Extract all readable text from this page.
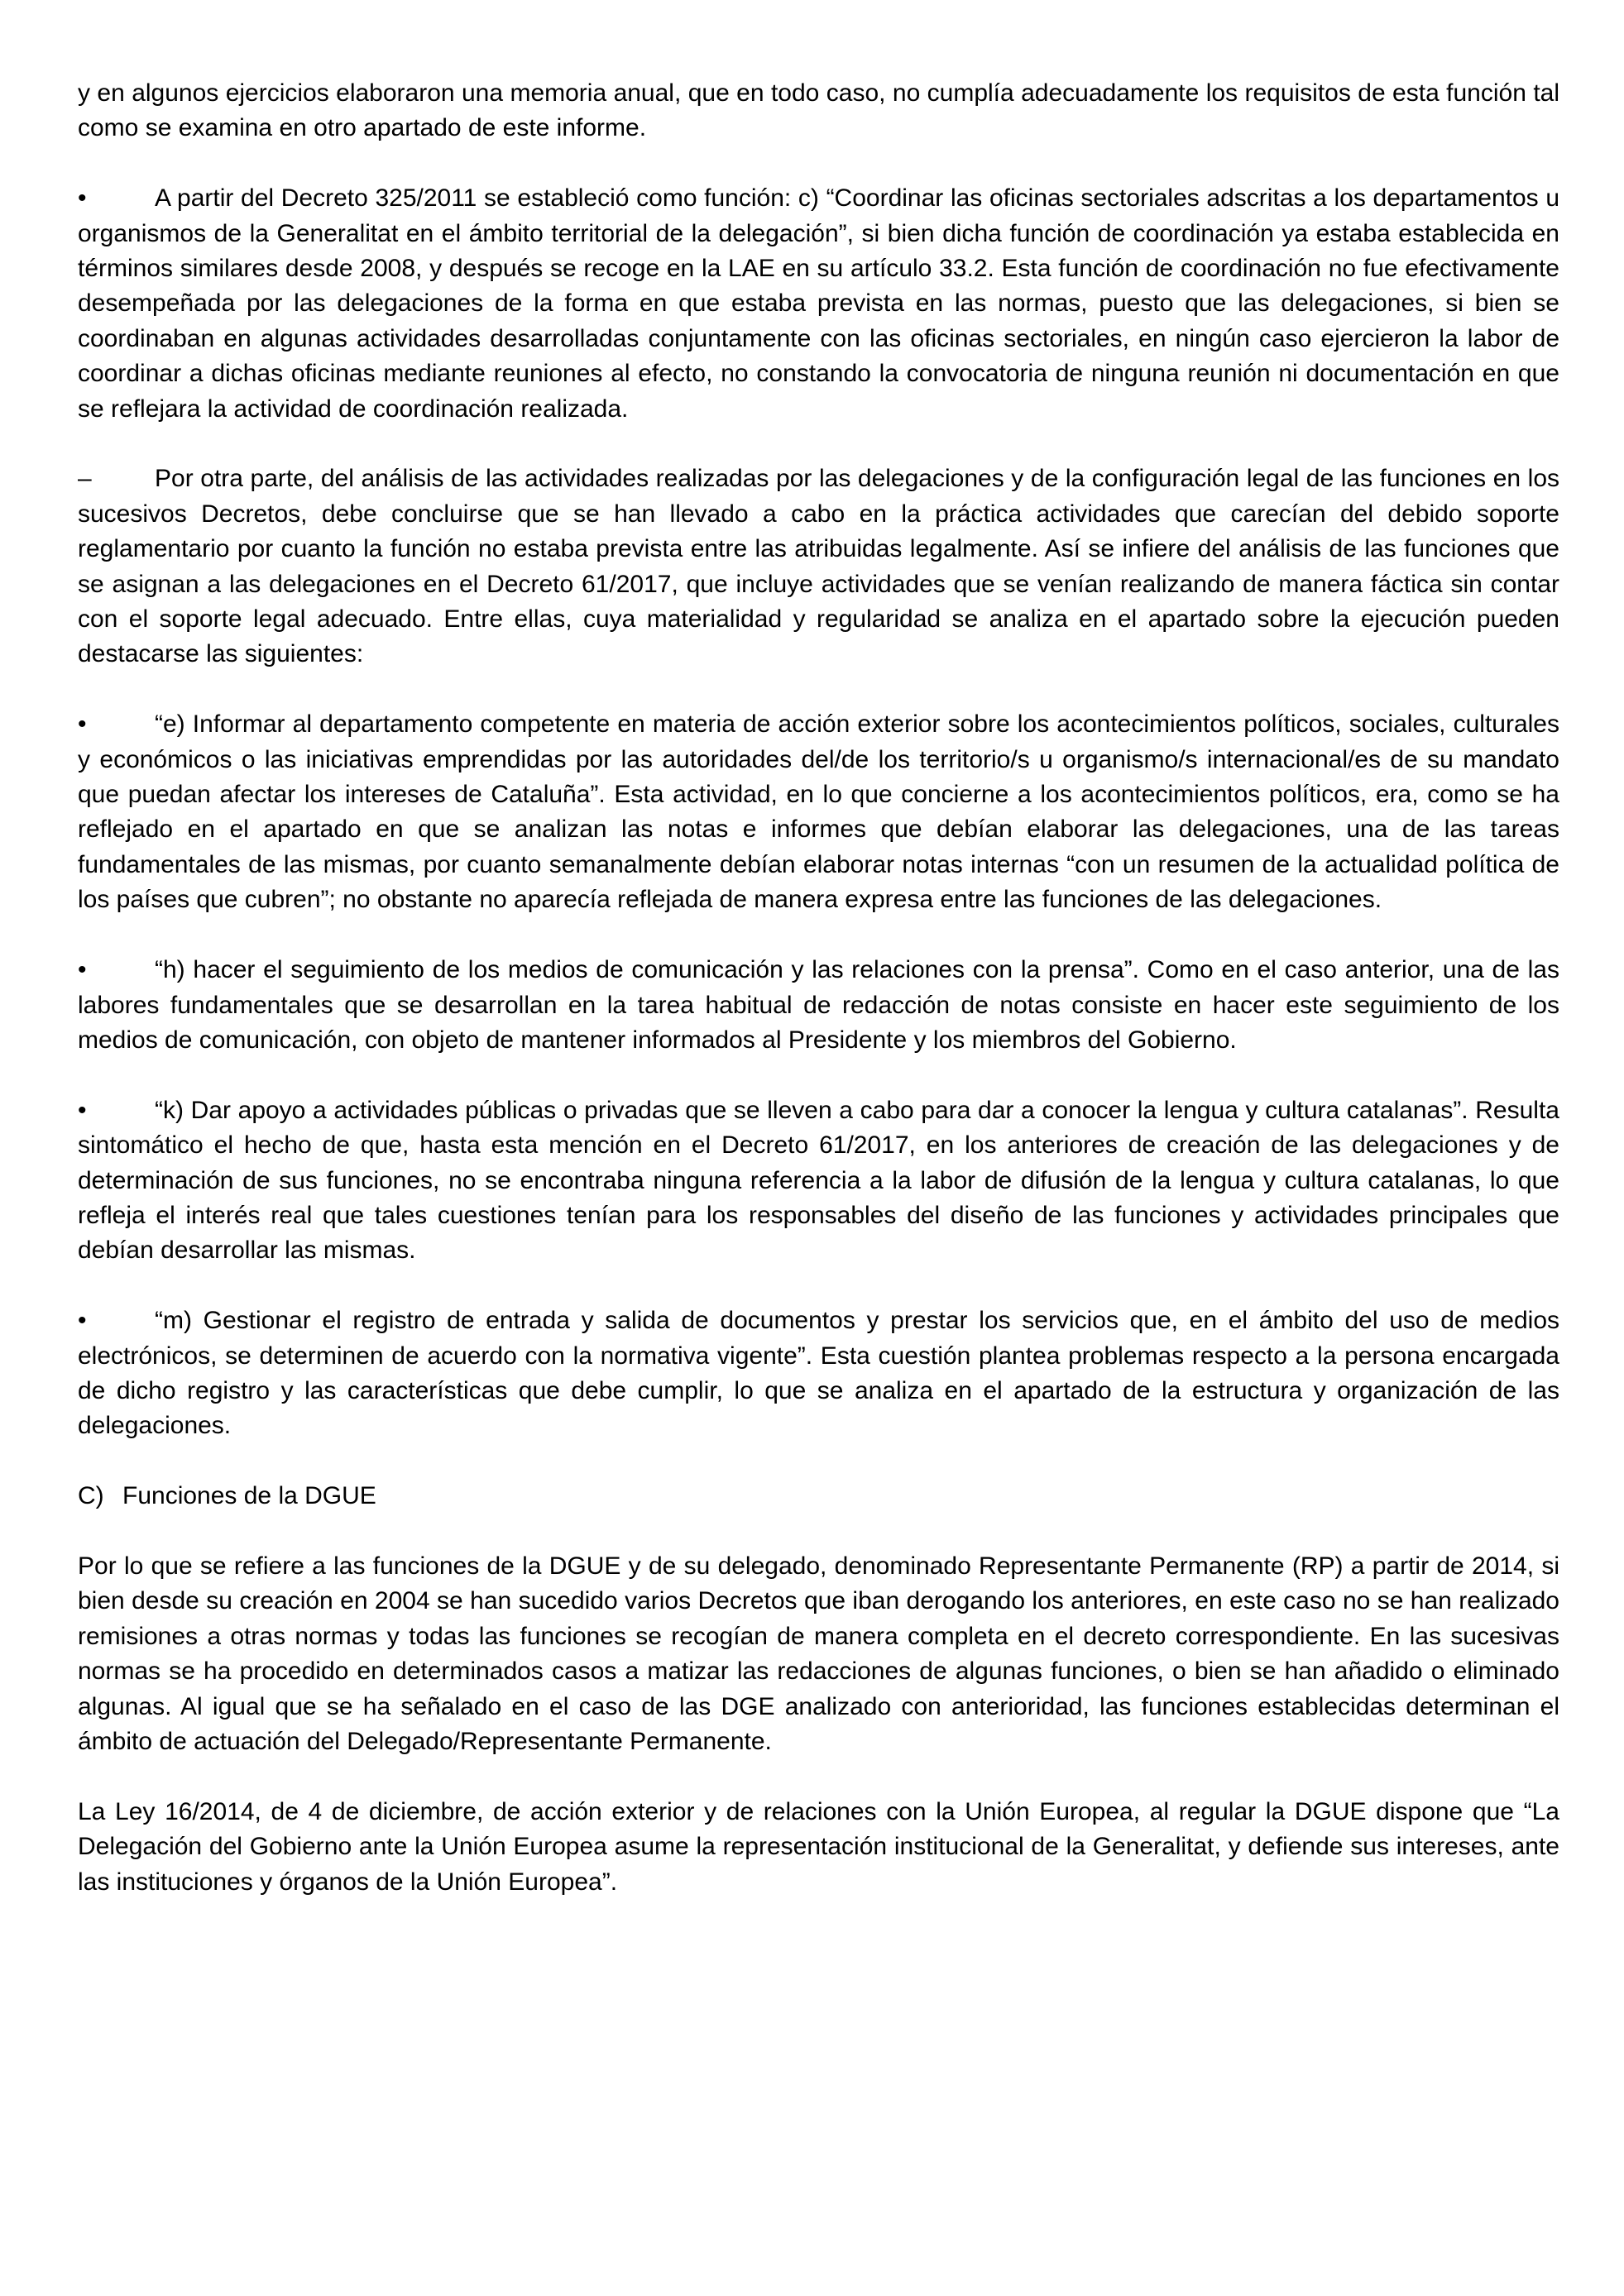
y en algunos ejercicios elaboraron una memoria anual, que en todo caso, no cumplía adecuadamente los requisitos de esta función tal como se examina en otro apartado de este informe.

•	A partir del Decreto 325/2011 se estableció como función: c) “Coordinar las oficinas sectoriales adscritas a los departamentos u organismos de la Generalitat en el ámbito territorial de la delegación”, si bien dicha función de coordinación ya estaba establecida en términos similares desde 2008, y después se recoge en la LAE en su artículo 33.2. Esta función de coordinación no fue efectivamente desempeñada por las delegaciones de la forma en que estaba prevista en las normas, puesto que las delegaciones, si bien se coordinaban en algunas actividades desarrolladas conjuntamente con las oficinas sectoriales, en ningún caso ejercieron la labor de coordinar a dichas oficinas mediante reuniones al efecto, no constando la convocatoria de ninguna reunión ni documentación en que se reflejara la actividad de coordinación realizada.

–	Por otra parte, del análisis de las actividades realizadas por las delegaciones y de la configuración legal de las funciones en los sucesivos Decretos, debe concluirse que se han llevado a cabo en la práctica actividades que carecían del debido soporte reglamentario por cuanto la función no estaba prevista entre las atribuidas legalmente. Así se infiere del análisis de las funciones que se asignan a las delegaciones en el Decreto 61/2017, que incluye actividades que se venían realizando de manera fáctica sin contar con el soporte legal adecuado. Entre ellas, cuya materialidad y regularidad se analiza en el apartado sobre la ejecución pueden destacarse las siguientes:

•	“e) Informar al departamento competente en materia de acción exterior sobre los acontecimientos políticos, sociales, culturales y económicos o las iniciativas emprendidas por las autoridades del/de los territorio/s u organismo/s internacional/es de su mandato que puedan afectar los intereses de Cataluña”. Esta actividad, en lo que concierne a los acontecimientos políticos, era, como se ha reflejado en el apartado en que se analizan las notas e informes que debían elaborar las delegaciones, una de las tareas fundamentales de las mismas, por cuanto semanalmente debían elaborar notas internas “con un resumen de la actualidad política de los países que cubren”; no obstante no aparecía reflejada de manera expresa entre las funciones de las delegaciones.

•	“h) hacer el seguimiento de los medios de comunicación y las relaciones con la prensa”. Como en el caso anterior, una de las labores fundamentales que se desarrollan en la tarea habitual de redacción de notas consiste en hacer este seguimiento de los medios de comunicación, con objeto de mantener informados al Presidente y los miembros del Gobierno.

•	“k) Dar apoyo a actividades públicas o privadas que se lleven a cabo para dar a conocer la lengua y cultura catalanas”. Resulta sintomático el hecho de que, hasta esta mención en el Decreto 61/2017, en los anteriores de creación de las delegaciones y de determinación de sus funciones, no se encontraba ninguna referencia a la labor de difusión de la lengua y cultura catalanas, lo que refleja el interés real que tales cuestiones tenían para los responsables del diseño de las funciones y actividades principales que debían desarrollar las mismas.

•	“m) Gestionar el registro de entrada y salida de documentos y prestar los servicios que, en el ámbito del uso de medios electrónicos, se determinen de acuerdo con la normativa vigente”. Esta cuestión plantea problemas respecto a la persona encargada de dicho registro y las características que debe cumplir, lo que se analiza en el apartado de la estructura y organización de las delegaciones.

C) Funciones de la DGUE

Por lo que se refiere a las funciones de la DGUE y de su delegado, denominado Representante Permanente (RP) a partir de 2014, si bien desde su creación en 2004 se han sucedido varios Decretos que iban derogando los anteriores, en este caso no se han realizado remisiones a otras normas y todas las funciones se recogían de manera completa en el decreto correspondiente. En las sucesivas normas se ha procedido en determinados casos a matizar las redacciones de algunas funciones, o bien se han añadido o eliminado algunas. Al igual que se ha señalado en el caso de las DGE analizado con anterioridad, las funciones establecidas determinan el ámbito de actuación del Delegado/Representante Permanente.

La Ley 16/2014, de 4 de diciembre, de acción exterior y de relaciones con la Unión Europea, al regular la DGUE dispone que “La Delegación del Gobierno ante la Unión Europea asume la representación institucional de la Generalitat, y defiende sus intereses, ante las instituciones y órganos de la Unión Europea”.
